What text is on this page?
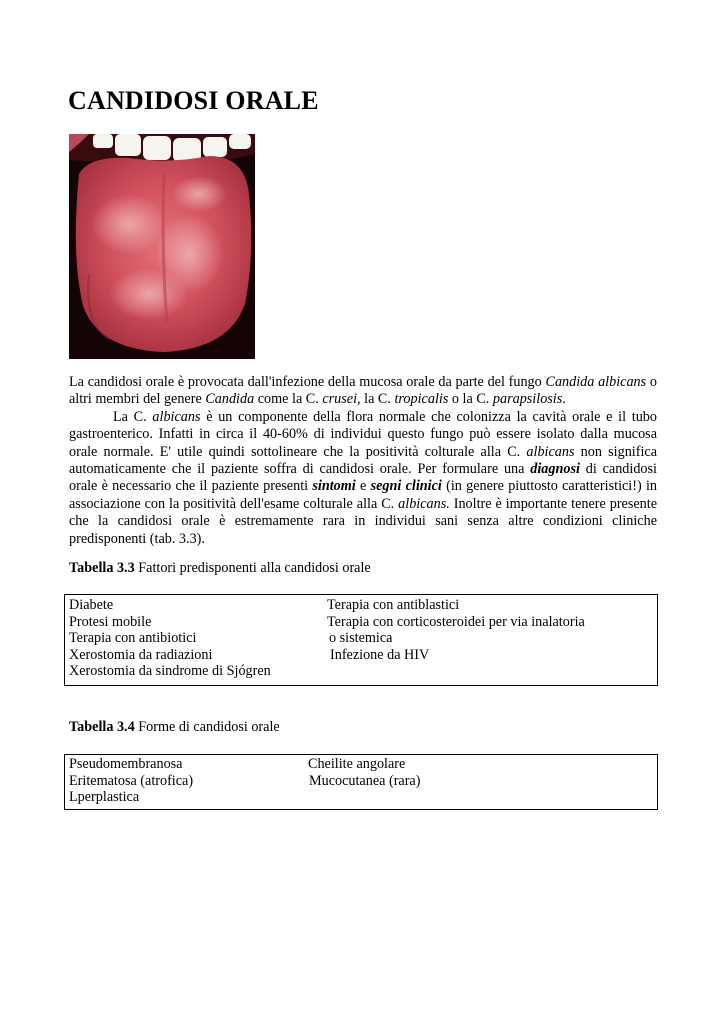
CANDIDOSI ORALE

La candidosi orale è provocata dall'infezione della mucosa orale da parte del fungo Candida albicans o altri membri del genere Candida come la C. crusei, la C. tropicalis o la C. parapsilosis.

La C. albicans è un componente della flora normale che colonizza la cavità orale e il tubo gastroenterico. Infatti in circa il 40-60% di individui questo fungo può essere isolato dalla mucosa orale normale. E' utile quindi sottolineare che la positività colturale alla C. albicans non significa automaticamente che il paziente soffra di candidosi orale. Per formulare una diagnosi di candidosi orale è necessario che il paziente presenti sintomi e segni clinici (in genere piuttosto caratteristici!) in associazione con la positività dell'esame colturale alla C. albicans. Inoltre è importante tenere presente che la candidosi orale è estremamente rara in individui sani senza altre condizioni cliniche predisponenti (tab. 3.3).

Tabella 3.3 Fattori predisponenti alla candidosi orale

Diabete	Terapia con antiblastici
Protesi mobile	Terapia con corticosteroidei per via inalatoria
Terapia con antibiotici	o sistemica
Xerostomia da radiazioni	Infezione da HIV
Xerostomia da sindrome di Sjógren

Tabella 3.4 Forme di candidosi orale

Pseudomembranosa	Cheilite angolare
Eritematosa (atrofica)	Mucocutanea (rara)
Lperplastica
